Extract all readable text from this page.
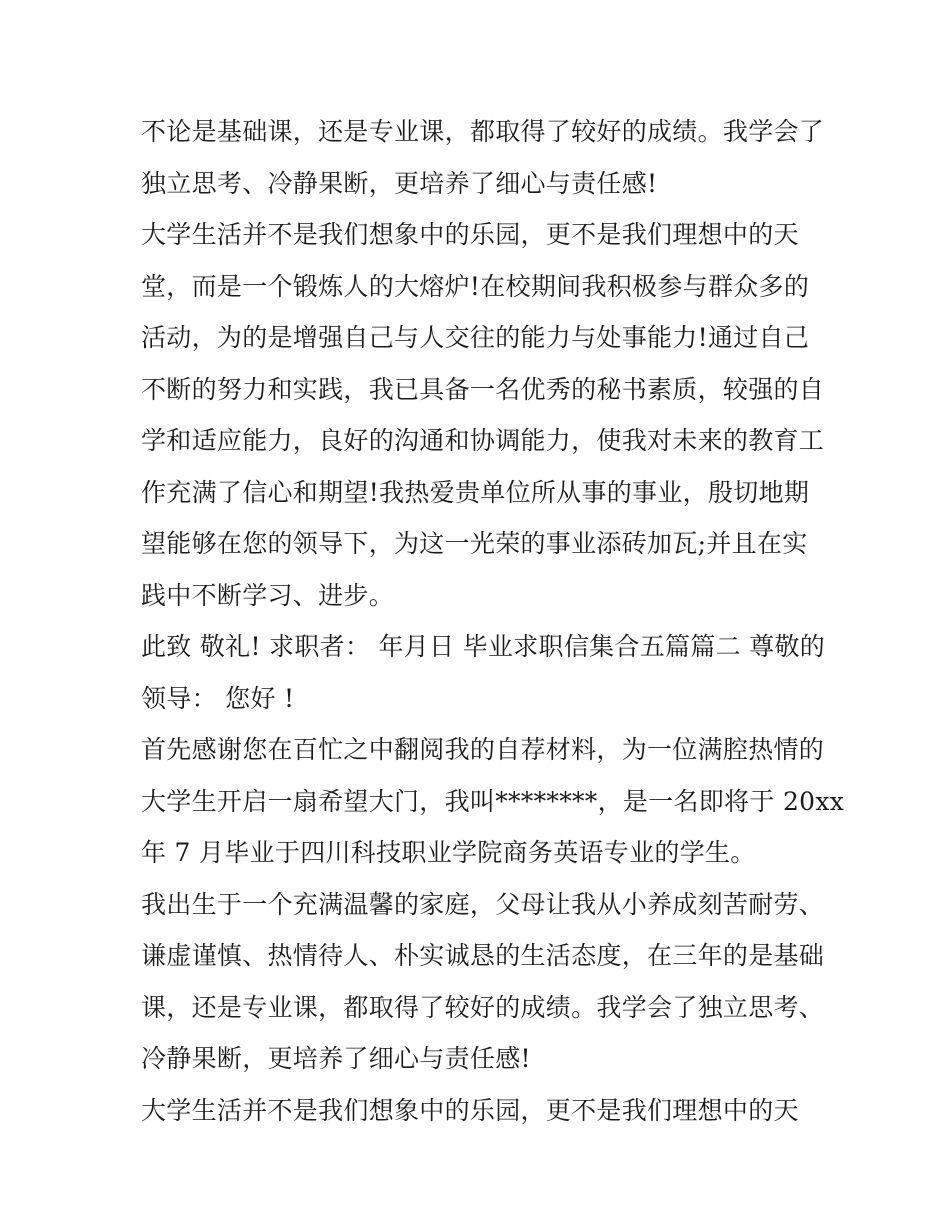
不论是基础课，还是专业课，都取得了较好的成绩。我学会了
独立思考、冷静果断，更培养了细心与责任感!
大学生活并不是我们想象中的乐园，更不是我们理想中的天
堂，而是一个锻炼人的大熔炉!在校期间我积极参与群众多的
活动，为的是增强自己与人交往的能力与处事能力!通过自己
不断的努力和实践，我已具备一名优秀的秘书素质，较强的自
学和适应能力，良好的沟通和协调能力，使我对未来的教育工
作充满了信心和期望!我热爱贵单位所从事的事业，殷切地期
望能够在您的领导下，为这一光荣的事业添砖加瓦;并且在实
践中不断学习、进步。
此致 敬礼! 求职者： 年月日 毕业求职信集合五篇篇二 尊敬的
领导： 您好 !
首先感谢您在百忙之中翻阅我的自荐材料，为一位满腔热情的
大学生开启一扇希望大门，我叫********，是一名即将于 20xx
年 7 月毕业于四川科技职业学院商务英语专业的学生。
我出生于一个充满温馨的家庭，父母让我从小养成刻苦耐劳、
谦虚谨慎、热情待人、朴实诚恳的生活态度，在三年的是基础
课，还是专业课，都取得了较好的成绩。我学会了独立思考、
冷静果断，更培养了细心与责任感!
大学生活并不是我们想象中的乐园，更不是我们理想中的天
